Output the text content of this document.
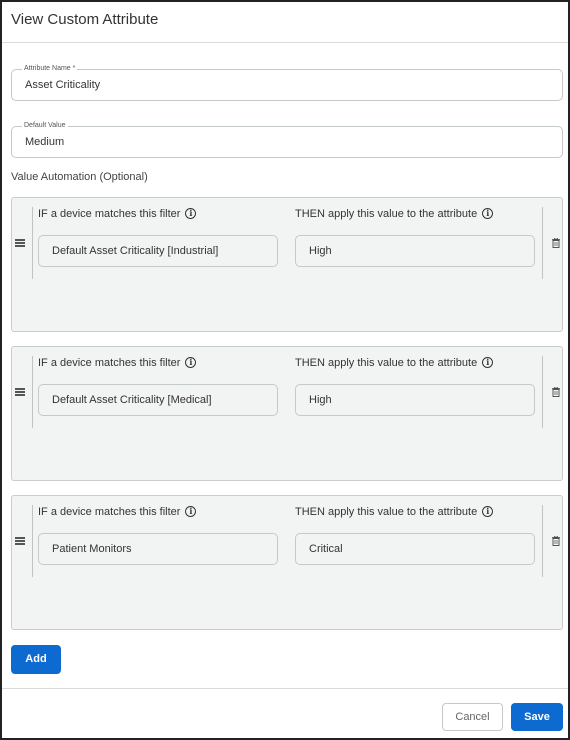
View Custom Attribute
Attribute Name *
Asset Criticality
Default Value
Medium
Value Automation (Optional)
IF a device matches this filter i	THEN apply this value to the attribute i
Default Asset Criticality [Industrial]	High
IF a device matches this filter i	THEN apply this value to the attribute i
Default Asset Criticality [Medical]	High
IF a device matches this filter i	THEN apply this value to the attribute i
Patient Monitors	Critical
Add
Cancel	Save
